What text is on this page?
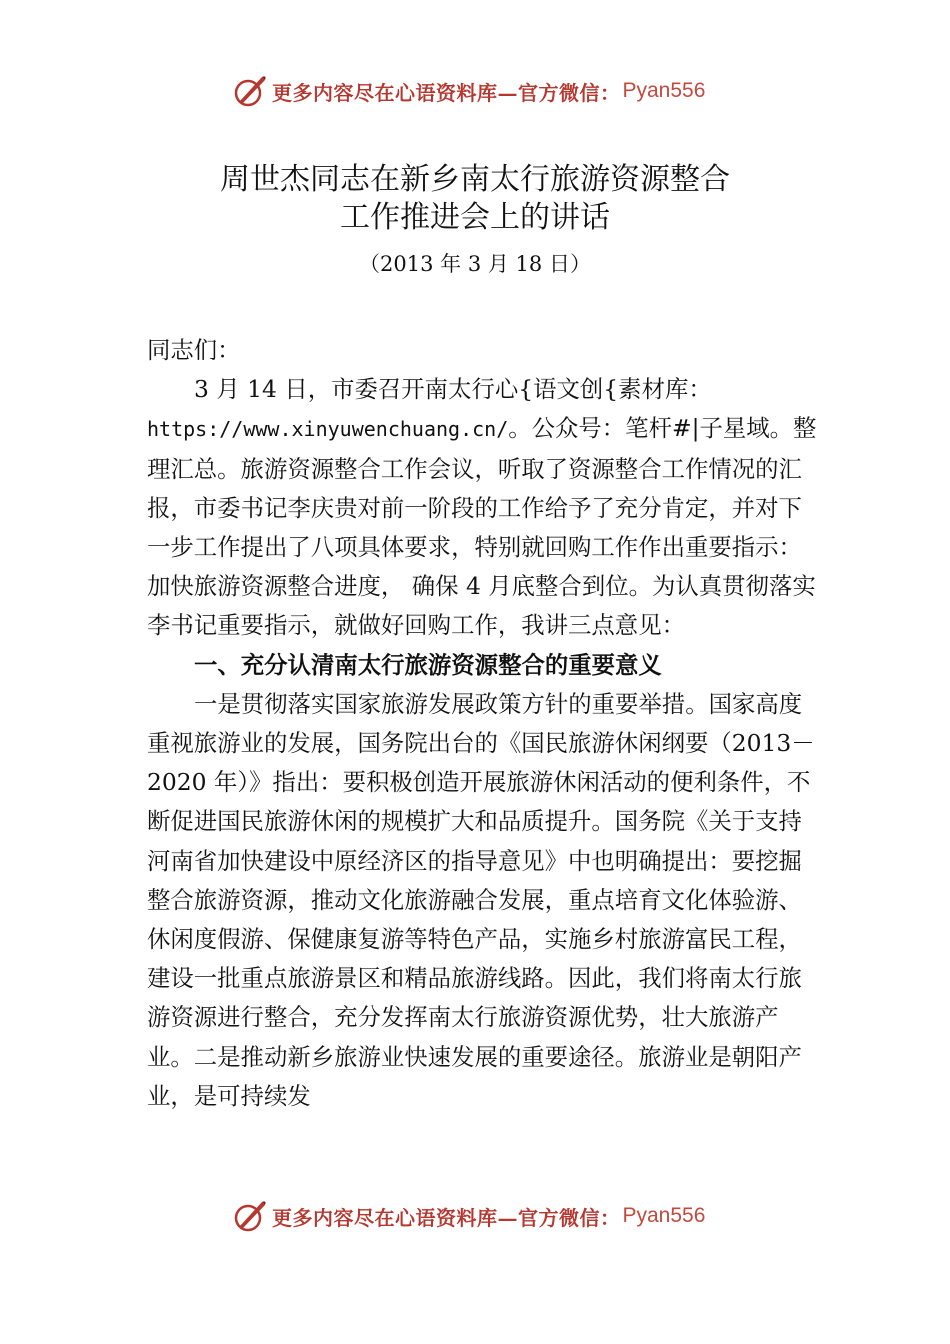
更多内容尽在心语资料库—官方微信： Pyan556
周世杰同志在新乡南太行旅游资源整合
工作推进会上的讲话
（2013 年 3 月 18 日）

同志们：

3 月 14 日，市委召开南太行心{语文创{素材库：https://www.xinyuwenchuang.cn/。公众号：笔杆#|子星域。整理汇总。旅游资源整合工作会议，听取了资源整合工作情况的汇报，市委书记李庆贵对前一阶段的工作给予了充分肯定，并对下一步工作提出了八项具体要求，特别就回购工作作出重要指示：加快旅游资源整合进度， 确保 4 月底整合到位。为认真贯彻落实李书记重要指示，就做好回购工作，我讲三点意见：

一、充分认清南太行旅游资源整合的重要意义

一是贯彻落实国家旅游发展政策方针的重要举措。国家高度重视旅游业的发展，国务院出台的《国民旅游休闲纲要（2013－2020 年）》指出：要积极创造开展旅游休闲活动的便利条件，不断促进国民旅游休闲的规模扩大和品质提升。国务院《关于支持河南省加快建设中原经济区的指导意见》中也明确提出：要挖掘整合旅游资源，推动文化旅游融合发展，重点培育文化体验游、休闲度假游、保健康复游等特色产品，实施乡村旅游富民工程，建设一批重点旅游景区和精品旅游线路。因此，我们将南太行旅游资源进行整合，充分发挥南太行旅游资源优势，壮大旅游产业。二是推动新乡旅游业快速发展的重要途径。旅游业是朝阳产业，是可持续发

更多内容尽在心语资料库—官方微信： Pyan556
